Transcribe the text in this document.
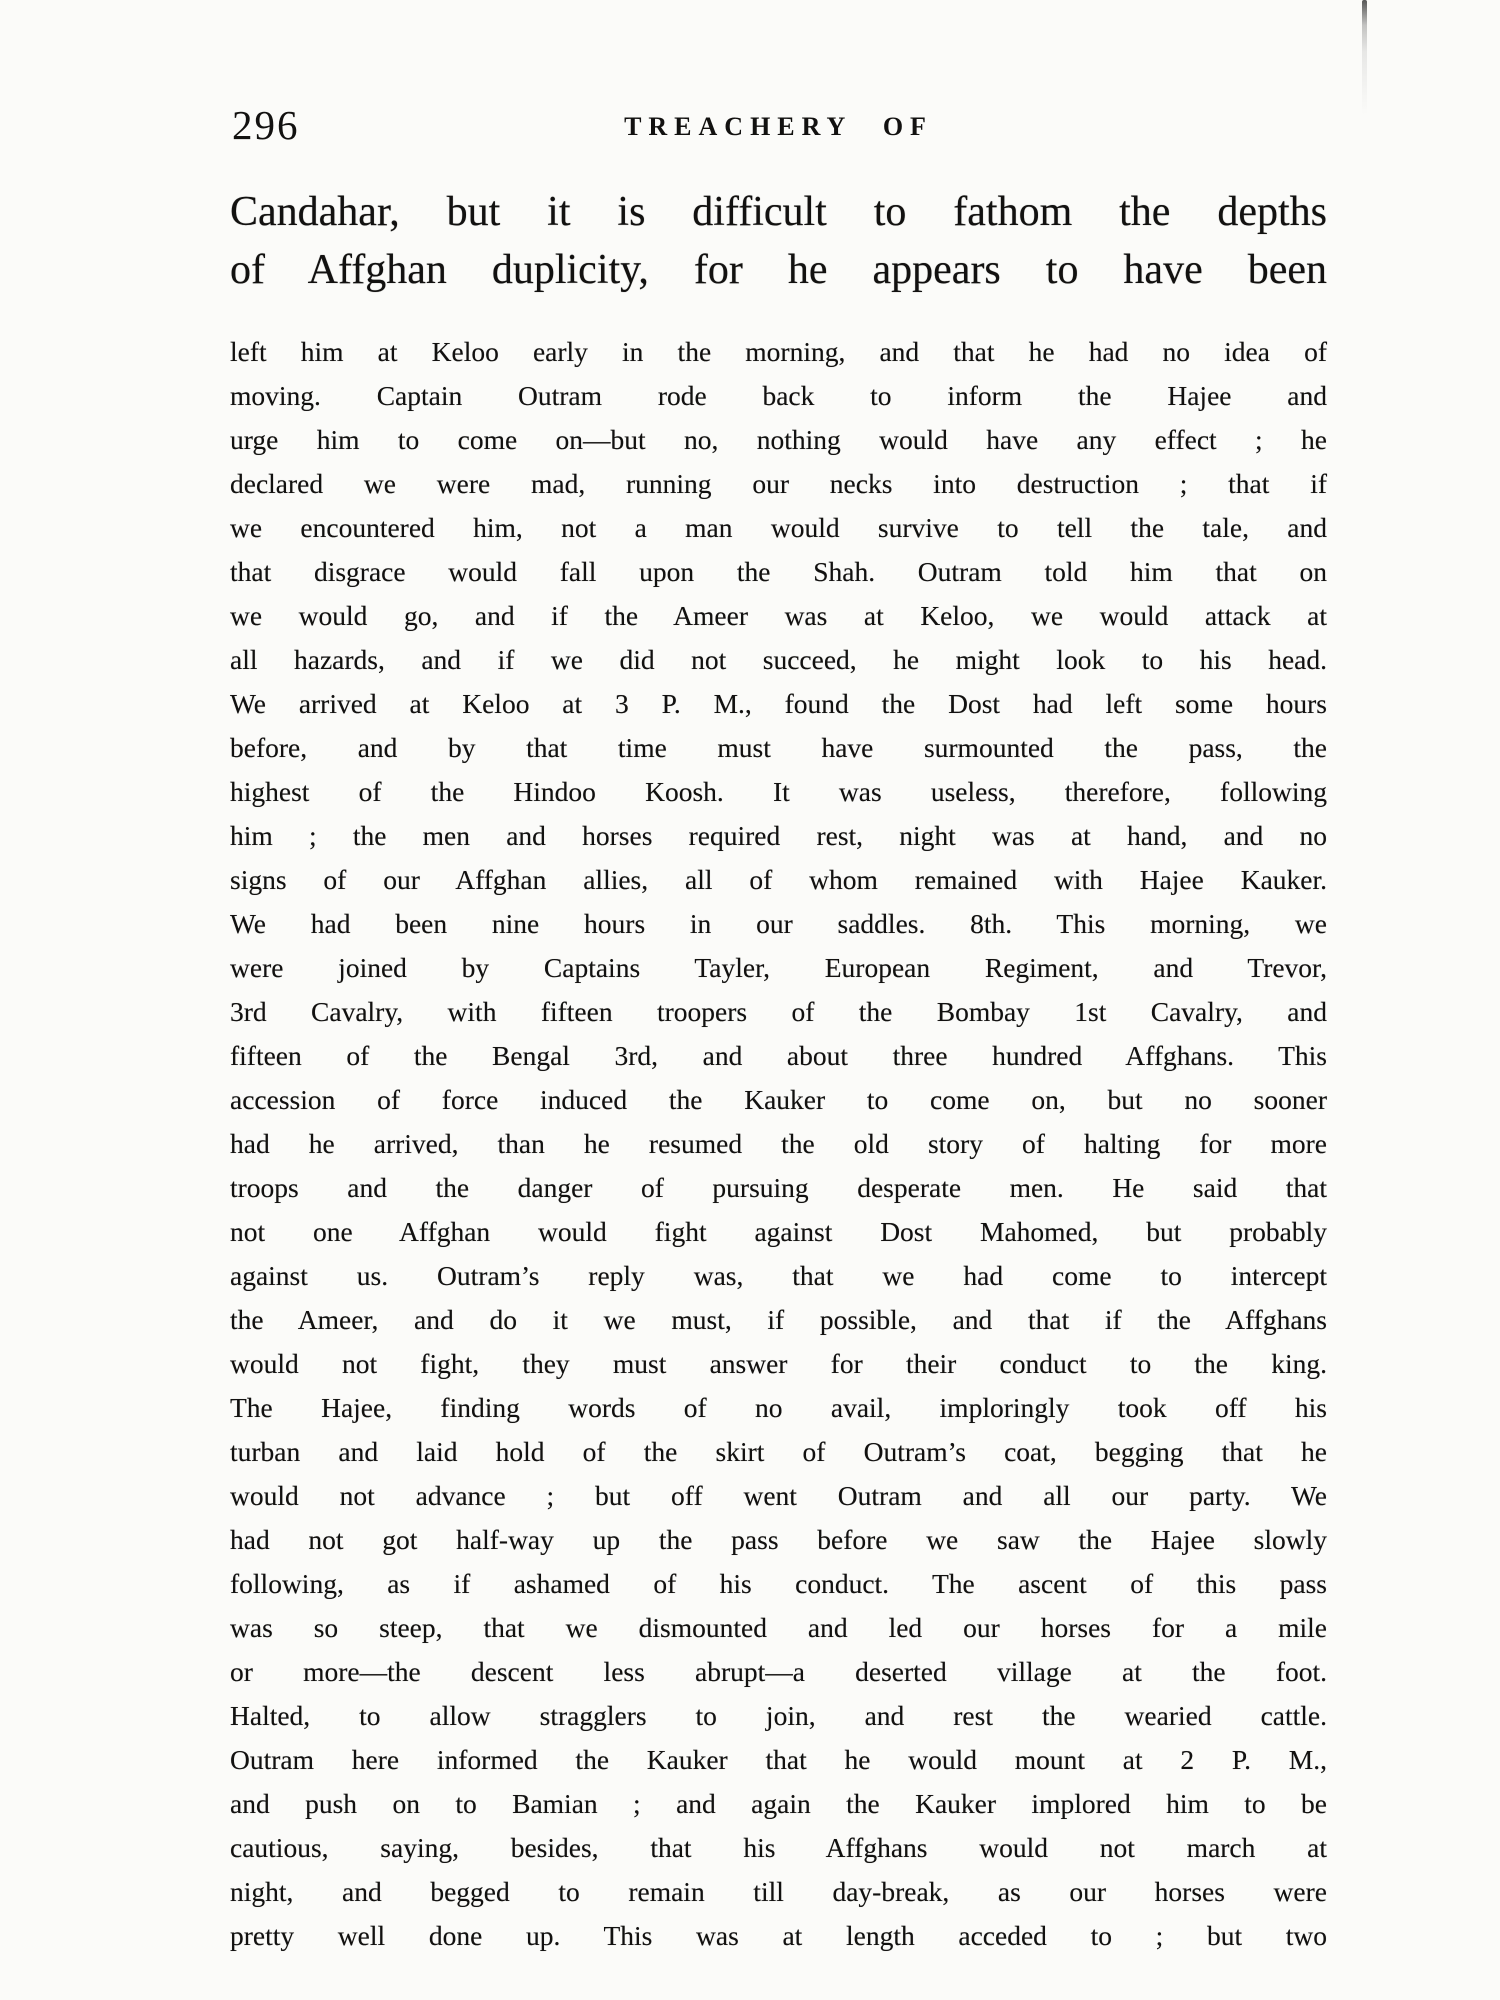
296	TREACHERY OF
Candahar, but it is difficult to fathom the depths
of Affghan duplicity, for he appears to have been
left him at Keloo early in the morning, and that he had no idea of
moving. Captain Outram rode back to inform the Hajee and
urge him to come on—but no, nothing would have any effect ; he
declared we were mad, running our necks into destruction ; that if
we encountered him, not a man would survive to tell the tale, and
that disgrace would fall upon the Shah. Outram told him that on
we would go, and if the Ameer was at Keloo, we would attack at
all hazards, and if we did not succeed, he might look to his head.
We arrived at Keloo at 3 P. M., found the Dost had left some hours
before, and by that time must have surmounted the pass, the
highest of the Hindoo Koosh. It was useless, therefore, following
him ; the men and horses required rest, night was at hand, and no
signs of our Affghan allies, all of whom remained with Hajee Kauker.
We had been nine hours in our saddles. 8th. This morning, we
were joined by Captains Tayler, European Regiment, and Trevor,
3rd Cavalry, with fifteen troopers of the Bombay 1st Cavalry, and
fifteen of the Bengal 3rd, and about three hundred Affghans. This
accession of force induced the Kauker to come on, but no sooner
had he arrived, than he resumed the old story of halting for more
troops and the danger of pursuing desperate men. He said that
not one Affghan would fight against Dost Mahomed, but probably
against us. Outram’s reply was, that we had come to intercept
the Ameer, and do it we must, if possible, and that if the Affghans
would not fight, they must answer for their conduct to the king.
The Hajee, finding words of no avail, imploringly took off his
turban and laid hold of the skirt of Outram’s coat, begging that he
would not advance ; but off went Outram and all our party. We
had not got half-way up the pass before we saw the Hajee slowly
following, as if ashamed of his conduct. The ascent of this pass
was so steep, that we dismounted and led our horses for a mile
or more—the descent less abrupt—a deserted village at the foot.
Halted, to allow stragglers to join, and rest the wearied cattle.
Outram here informed the Kauker that he would mount at 2 P. M.,
and push on to Bamian ; and again the Kauker implored him to be
cautious, saying, besides, that his Affghans would not march at
night, and begged to remain till day-break, as our horses were
pretty well done up. This was at length acceded to ; but two
